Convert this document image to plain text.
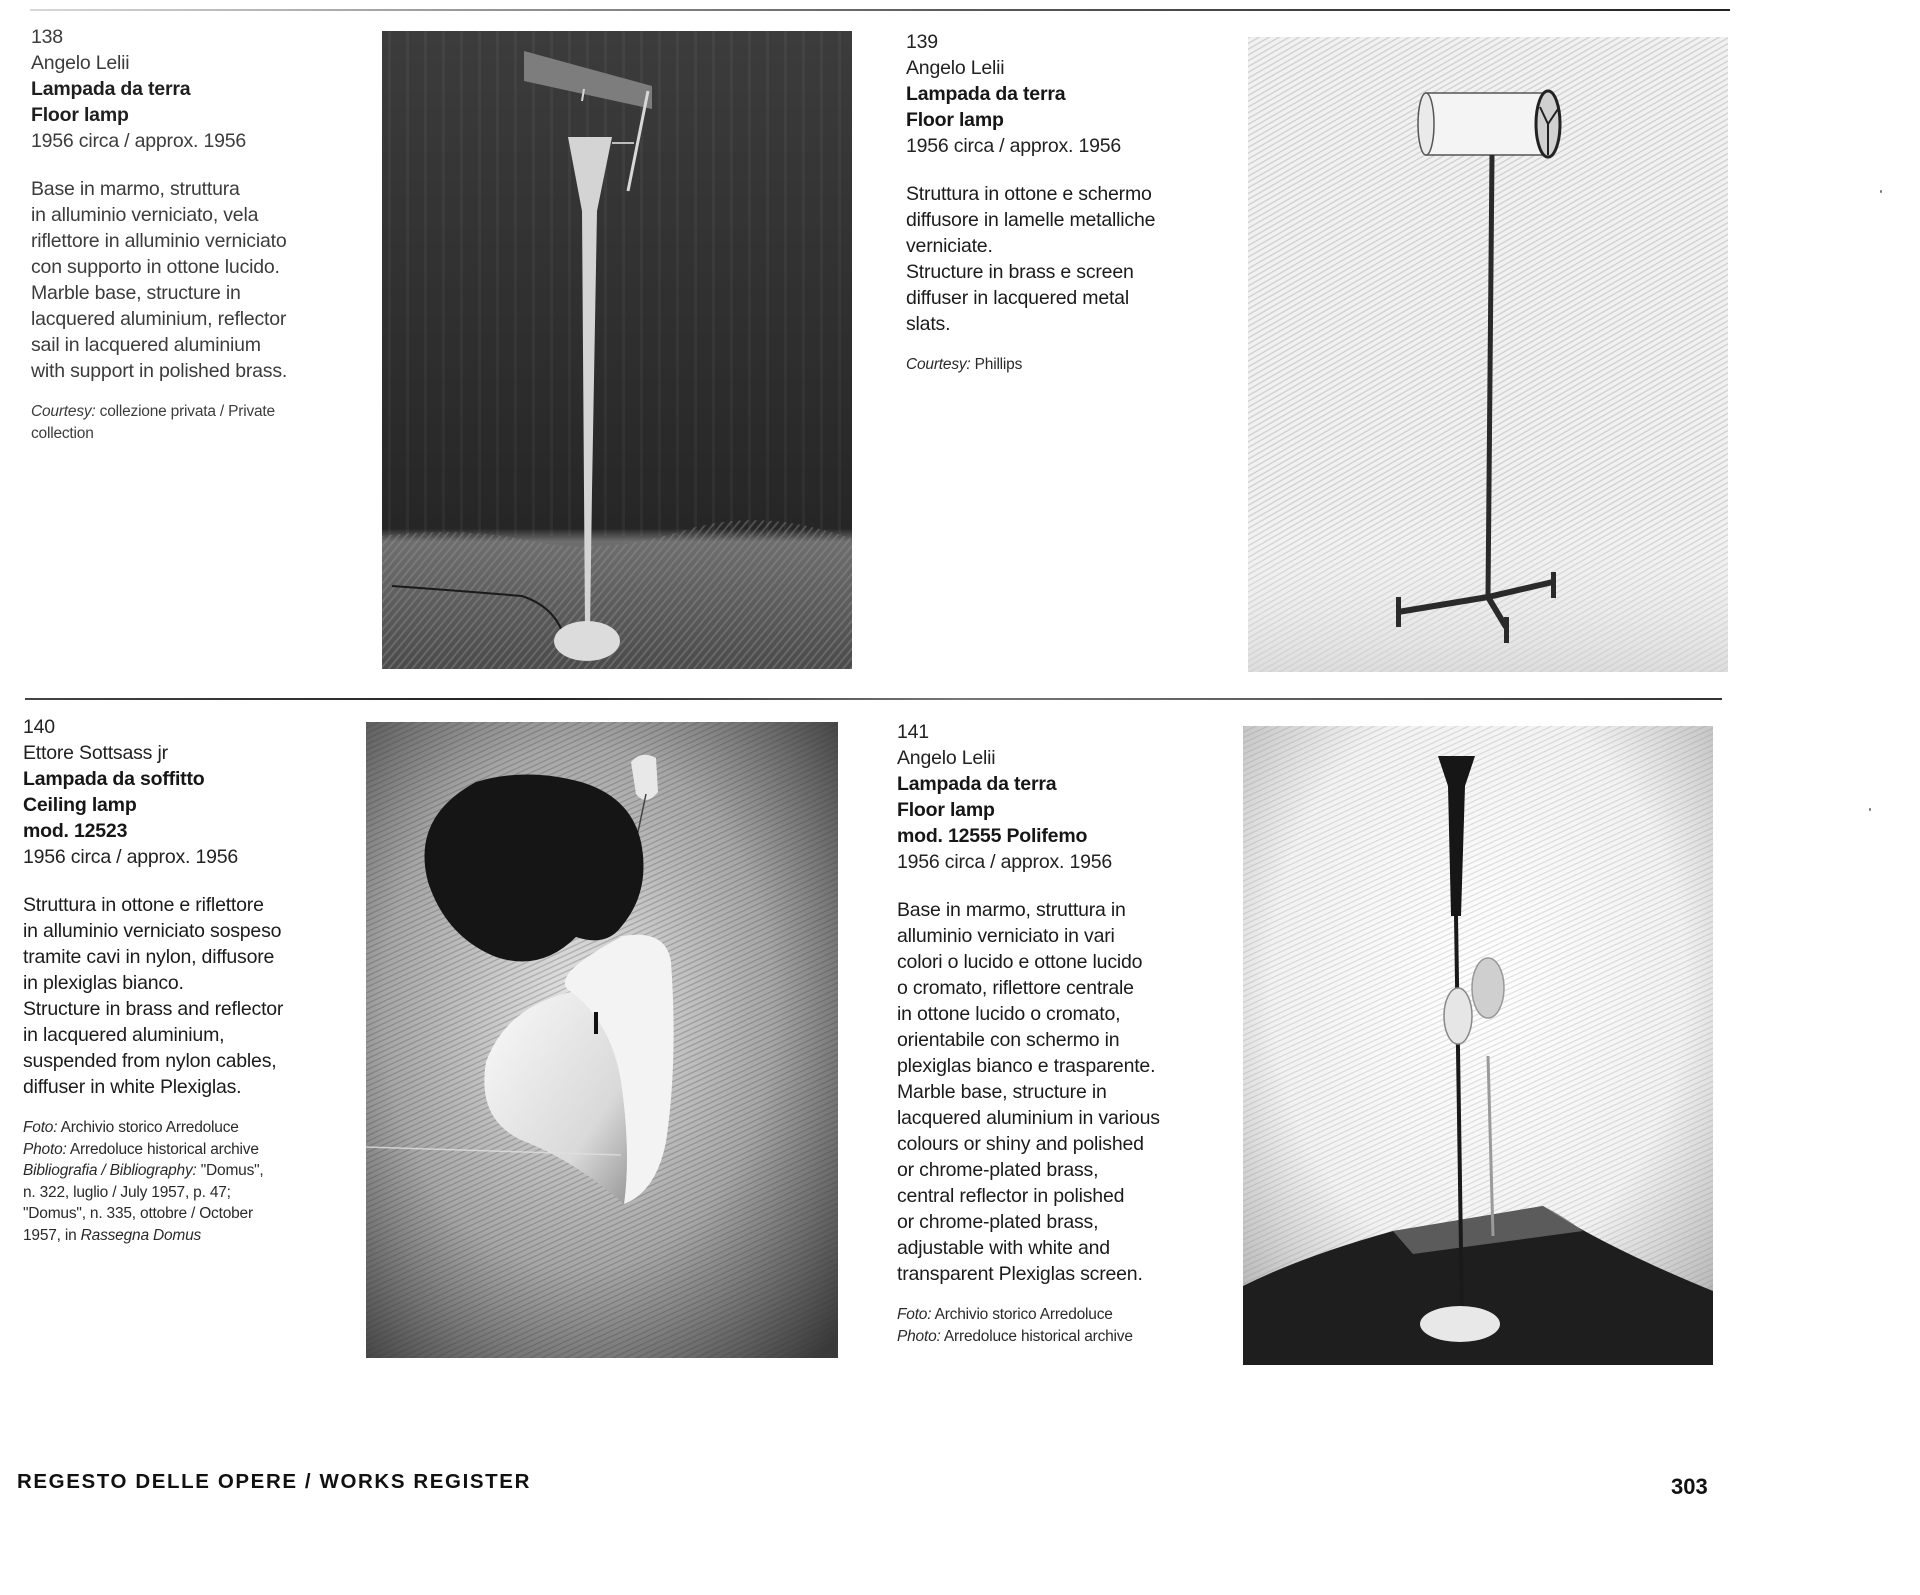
138
Angelo Lelii
Lampada da terra
Floor lamp
1956 circa / approx. 1956
Base in marmo, struttura
in alluminio verniciato, vela
riflettore in alluminio verniciato
con supporto in ottone lucido.
Marble base, structure in
lacquered aluminium, reflector
sail in lacquered aluminium
with support in polished brass.
Courtesy: collezione privata / Private
collection
139
Angelo Lelii
Lampada da terra
Floor lamp
1956 circa / approx. 1956
Struttura in ottone e schermo
diffusore in lamelle metalliche
verniciate.
Structure in brass e screen
diffuser in lacquered metal
slats.
Courtesy: Phillips
140
Ettore Sottsass jr
Lampada da soffitto
Ceiling lamp
mod. 12523
1956 circa / approx. 1956
Struttura in ottone e riflettore
in alluminio verniciato sospeso
tramite cavi in nylon, diffusore
in plexiglas bianco.
Structure in brass and reflector
in lacquered aluminium,
suspended from nylon cables,
diffuser in white Plexiglas.
Foto: Archivio storico Arredoluce
Photo: Arredoluce historical archive
Bibliografia / Bibliography: "Domus",
n. 322, luglio / July 1957, p. 47;
"Domus", n. 335, ottobre / October
1957, in Rassegna Domus
141
Angelo Lelii
Lampada da terra
Floor lamp
mod. 12555 Polifemo
1956 circa / approx. 1956
Base in marmo, struttura in
alluminio verniciato in vari
colori o lucido e ottone lucido
o cromato, riflettore centrale
in ottone lucido o cromato,
orientabile con schermo in
plexiglas bianco e trasparente.
Marble base, structure in
lacquered aluminium in various
colours or shiny and polished
or chrome-plated brass,
central reflector in polished
or chrome-plated brass,
adjustable with white and
transparent Plexiglas screen.
Foto: Archivio storico Arredoluce
Photo: Arredoluce historical archive
REGESTO DELLE OPERE / WORKS REGISTER	303
